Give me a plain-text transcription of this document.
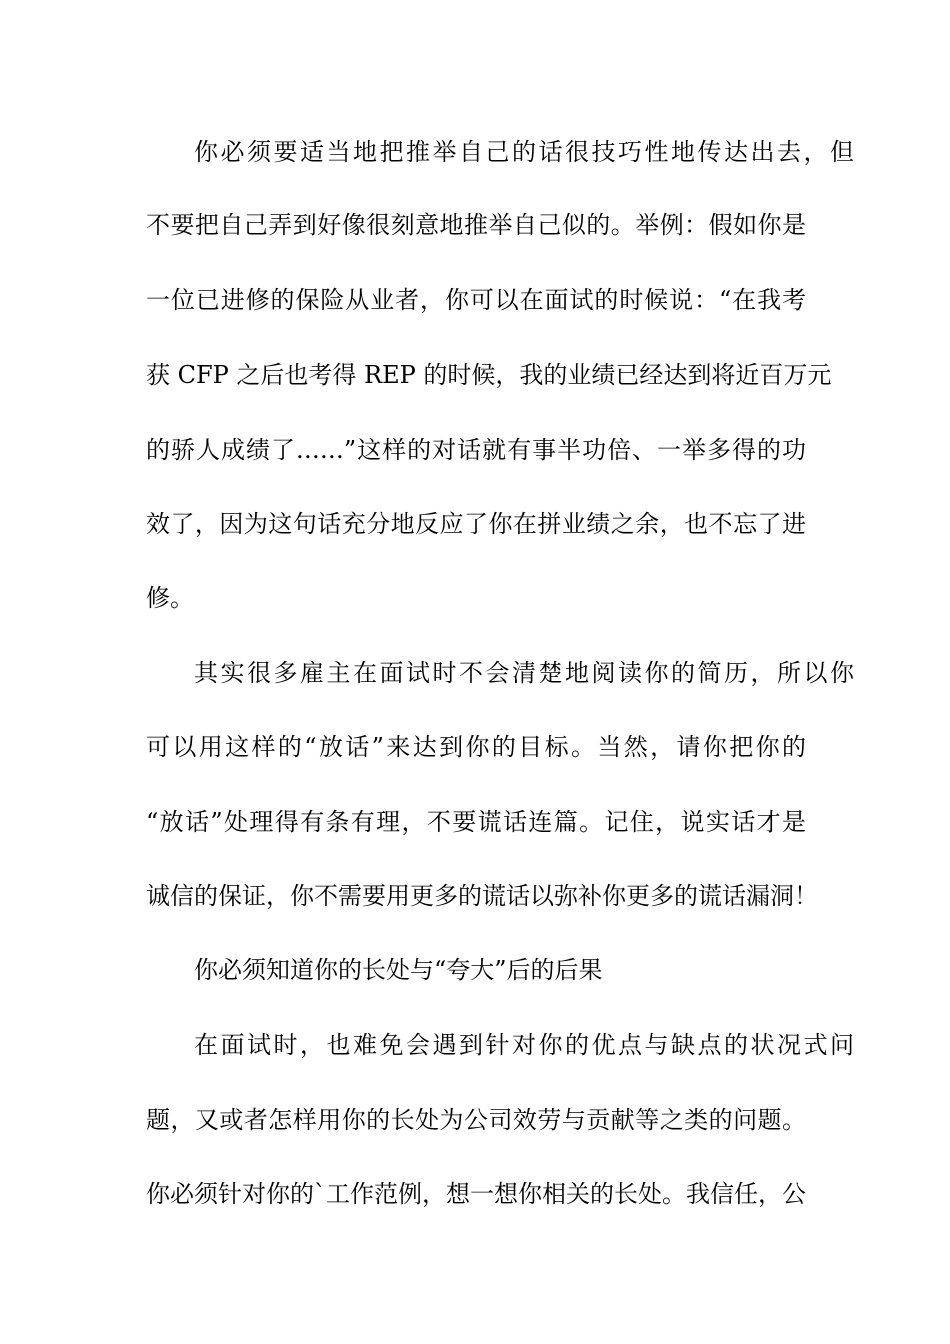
你必须要适当地把推举自己的话很技巧性地传达出去，但
不要把自己弄到好像很刻意地推举自己似的。举例：假如你是
一位已进修的保险从业者，你可以在面试的时候说：“在我考
获 CFP 之后也考得 REP 的时候，我的业绩已经达到将近百万元
的骄人成绩了……”这样的对话就有事半功倍、一举多得的功
效了，因为这句话充分地反应了你在拼业绩之余，也不忘了进
修。
其实很多雇主在面试时不会清楚地阅读你的简历，所以你
可以用这样的“放话”来达到你的目标。当然，请你把你的
“放话”处理得有条有理，不要谎话连篇。记住，说实话才是
诚信的保证，你不需要用更多的谎话以弥补你更多的谎话漏洞！
你必须知道你的长处与“夸大”后的后果
在面试时，也难免会遇到针对你的优点与缺点的状况式问
题，又或者怎样用你的长处为公司效劳与贡献等之类的问题。
你必须针对你的`工作范例，想一想你相关的长处。我信任，公
